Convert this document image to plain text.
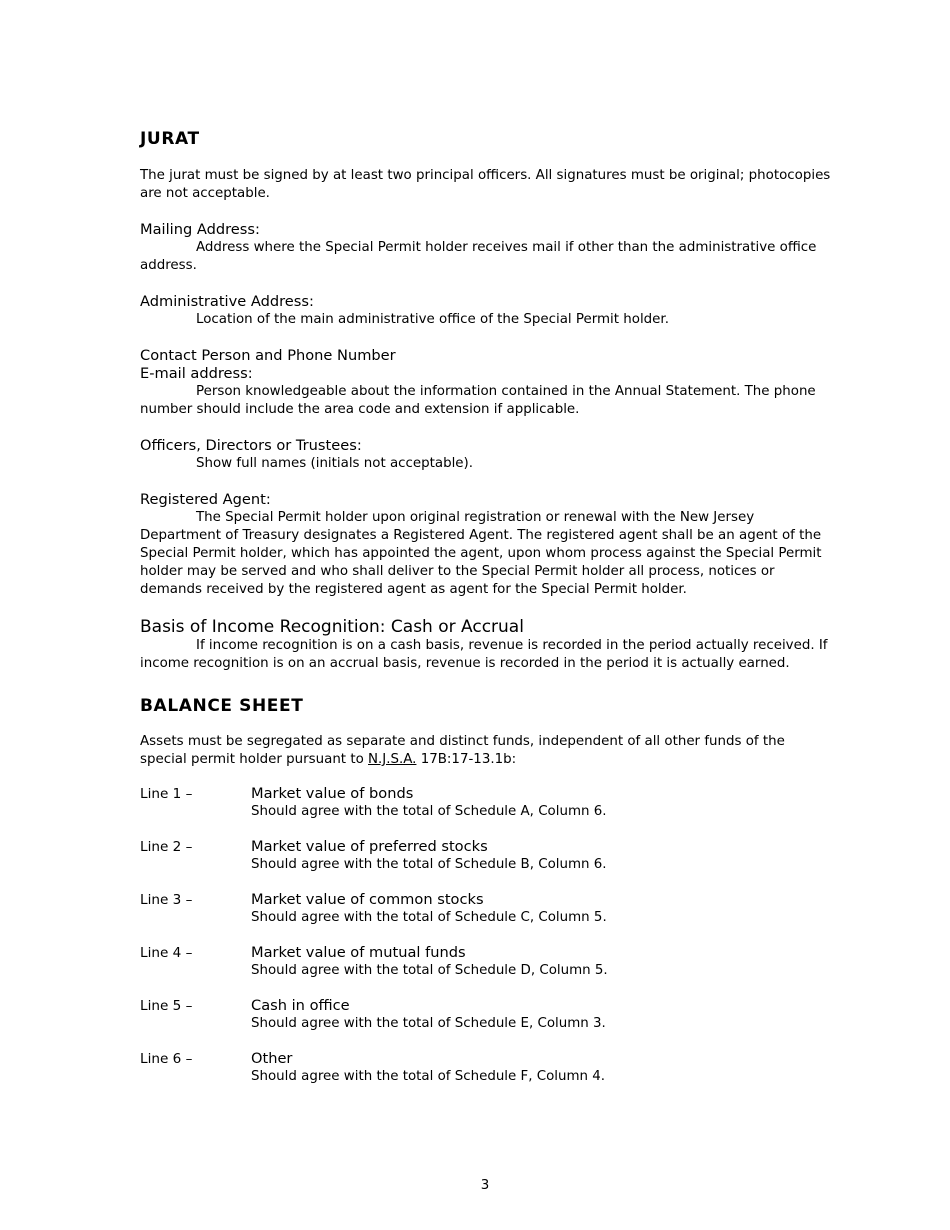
JURAT

The jurat must be signed by at least two principal officers. All signatures must be original; photocopies are not acceptable.

Mailing Address:

Address where the Special Permit holder receives mail if other than the administrative office address.

Administrative Address:

Location of the main administrative office of the Special Permit holder.

Contact Person and Phone Number

E-mail address:

Person knowledgeable about the information contained in the Annual Statement. The phone number should include the area code and extension if applicable.

Officers, Directors or Trustees:

Show full names (initials not acceptable).

Registered Agent:

The Special Permit holder upon original registration or renewal with the New Jersey Department of Treasury designates a Registered Agent. The registered agent shall be an agent of the Special Permit holder, which has appointed the agent, upon whom process against the Special Permit holder may be served and who shall deliver to the Special Permit holder all process, notices or demands received by the registered agent as agent for the Special Permit holder.

Basis of Income Recognition: Cash or Accrual

If income recognition is on a cash basis, revenue is recorded in the period actually received. If income recognition is on an accrual basis, revenue is recorded in the period it is actually earned.

BALANCE SHEET

Assets must be segregated as separate and distinct funds, independent of all other funds of the special permit holder pursuant to N.J.S.A. 17B:17-13.1b:

Line 1 –	Market value of bonds

Should agree with the total of Schedule A, Column 6.

Line 2 –	Market value of preferred stocks

Should agree with the total of Schedule B, Column 6.

Line 3 –	Market value of common stocks

Should agree with the total of Schedule C, Column 5.

Line 4 –	Market value of mutual funds

Should agree with the total of Schedule D, Column 5.

Line 5 –	Cash in office

Should agree with the total of Schedule E, Column 3.

Line 6 –	Other

Should agree with the total of Schedule F, Column 4.

3
